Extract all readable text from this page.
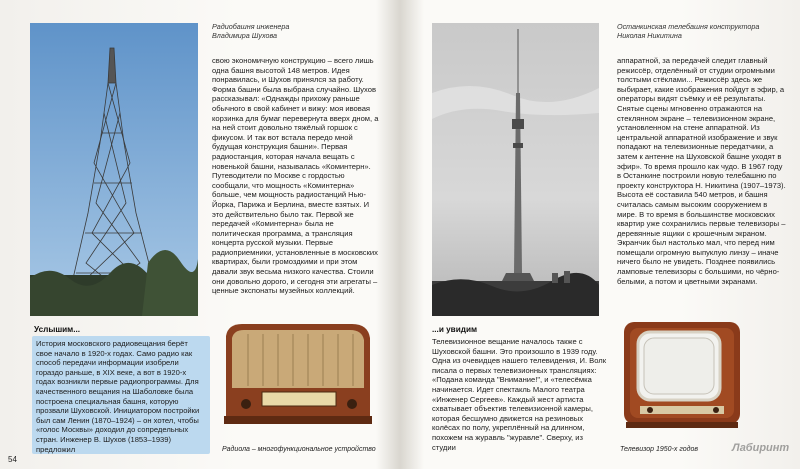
Радиобашня инженера
Владимира Шухова

свою экономичную конструкцию – всего лишь одна башня высотой 148 метров. Идея понравилась, и Шухов принялся за работу. Форма башни была выбрана случайно. Шухов рассказывал: «Однажды прихожу раньше обычного в свой кабинет и вижу: моя ивовая корзинка для бумаг перевернута вверх дном, а на ней стоит довольно тяжёлый горшок с фикусом. И так вот встала передо мной будущая конструкция башни». Первая радиостанция, которая начала вещать с новенькой башни, называлась «Коминтерн». Путеводители по Москве с гордостью сообщали, что мощность «Коминтерна» больше, чем мощность радиостанций Нью-Йорка, Парижа и Берлина, вместе взятых. И это действительно было так. Первой же передачей «Коминтерна» была не политическая программа, а трансляция концерта русской музыки. Первые радиоприемники, установленные в московских квартирах, были громоздкими и при этом давали звук весьма низкого качества. Стоили они довольно дорого, и сегодня эти агрегаты – ценные экспонаты музейных коллекций.

Услышим...

История московского радиовещания берёт свое начало в 1920-х годах. Само радио как способ передачи информации изобрели гораздо раньше, в XIX веке, а вот в 1920-х годах возникли первые радиопрограммы. Для качественного вещания на Шаболовке была построена специальная башня, которую прозвали Шуховской. Инициатором постройки был сам Ленин (1870–1924) – он хотел, чтобы «голос Москвы» доходил до сопредельных стран. Инженер В. Шухов (1853–1939) предложил	Радиола – многофункциональное устройство
54
Останкинская телебашня конструктора
Николая Никитина

аппаратной, за передачей следит главный режиссёр, отделённый от студии огромными толстыми стёклами... Режиссёр здесь же выбирает, какие изображения пойдут в эфир, а операторы видят съёмку и её результаты. Снятые сцены мгновенно отражаются на стеклянном экране – телевизионном экране, установленном на стене аппаратной. Из центральной аппаратной изображение и звук попадают на телевизионные передатчики, а затем к антенне на Шуховской башне уходят в эфир». То время прошло как чудо. В 1967 году в Останкине построили новую телебашню по проекту конструктора Н. Никитина (1907–1973). Высота её составила 540 метров, и башня считалась самым высоким сооружением в мире. В то время в большинстве московских квартир уже сохранились первые телевизоры – деревянные ящики с крошечным экраном. Экранчик был настолько мал, что перед ним помещали огромную выпуклую линзу – иначе ничего было не увидеть. Позднее появились ламповые телевизоры с большими, но чёрно-белыми, а потом и цветными экранами.

...и увидим

Телевизионное вещание началось также с Шуховской башни. Это произошло в 1939 году. Одна из очевидцев нашего телевидения, И. Волк писала о первых телевизионных трансляциях: «Подана команда "Внимание!", и «телесёмка начинается. Идет спектакль Малого театра «Инженер Сергеев». Каждый жест артиста схватывает объектив телевизионной камеры, которая бесшумно движется на резиновых колёсах по полу, укреплённый на длинном, похожем на журавль "журавле". Сверху, из студии	Телевизор 1950-х годов	Лабиринт
